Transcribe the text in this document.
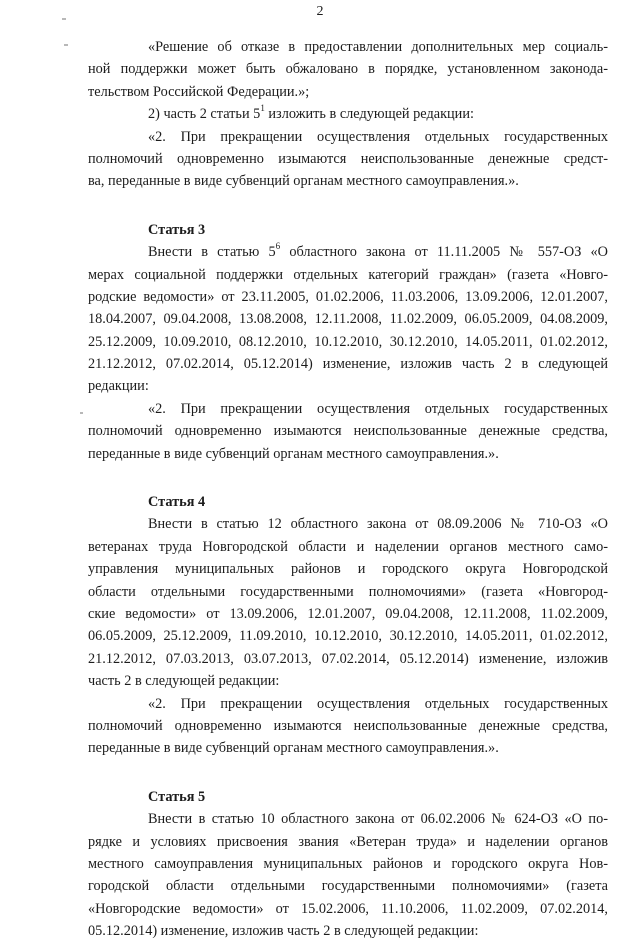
2
«Решение об отказе в предоставлении дополнительных мер социаль-
ной поддержки может быть обжаловано в порядке, установленном законода-
тельством Российской Федерации.»;
2) часть 2 статьи $5^1$ изложить в следующей редакции:
«2. При прекращении осуществления отдельных государственных
полномочий одновременно изымаются неиспользованные денежные средст-
ва, переданные в виде субвенций органам местного самоуправления.».
Статья 3
Внести в статью $5^6$ областного закона от 11.11.2005 № 557-ОЗ «О
мерах социальной поддержки отдельных категорий граждан» (газета «Новго-
родские ведомости» от 23.11.2005, 01.02.2006, 11.03.2006, 13.09.2006, 12.01.2007,
18.04.2007, 09.04.2008, 13.08.2008, 12.11.2008, 11.02.2009, 06.05.2009, 04.08.2009,
25.12.2009, 10.09.2010, 08.12.2010, 10.12.2010, 30.12.2010, 14.05.2011, 01.02.2012,
21.12.2012, 07.02.2014, 05.12.2014) изменение, изложив часть 2 в следующей
редакции:
«2. При прекращении осуществления отдельных государственных
полномочий одновременно изымаются неиспользованные денежные средства,
переданные в виде субвенций органам местного самоуправления.».
Статья 4
Внести в статью 12 областного закона от 08.09.2006 № 710-ОЗ «О
ветеранах труда Новгородской области и наделении органов местного само-
управления муниципальных районов и городского округа Новгородской
области отдельными государственными полномочиями» (газета «Новгород-
ские ведомости» от 13.09.2006, 12.01.2007, 09.04.2008, 12.11.2008, 11.02.2009,
06.05.2009, 25.12.2009, 11.09.2010, 10.12.2010, 30.12.2010, 14.05.2011, 01.02.2012,
21.12.2012, 07.03.2013, 03.07.2013, 07.02.2014, 05.12.2014) изменение, изложив
часть 2 в следующей редакции:
«2. При прекращении осуществления отдельных государственных
полномочий одновременно изымаются неиспользованные денежные средства,
переданные в виде субвенций органам местного самоуправления.».
Статья 5
Внести в статью 10 областного закона от 06.02.2006 № 624-ОЗ «О по-
рядке и условиях присвоения звания «Ветеран труда» и наделении органов
местного самоуправления муниципальных районов и городского округа Нов-
городской области отдельными государственными полномочиями» (газета
«Новгородские ведомости» от 15.02.2006, 11.10.2006, 11.02.2009, 07.02.2014,
05.12.2014) изменение, изложив часть 2 в следующей редакции:
